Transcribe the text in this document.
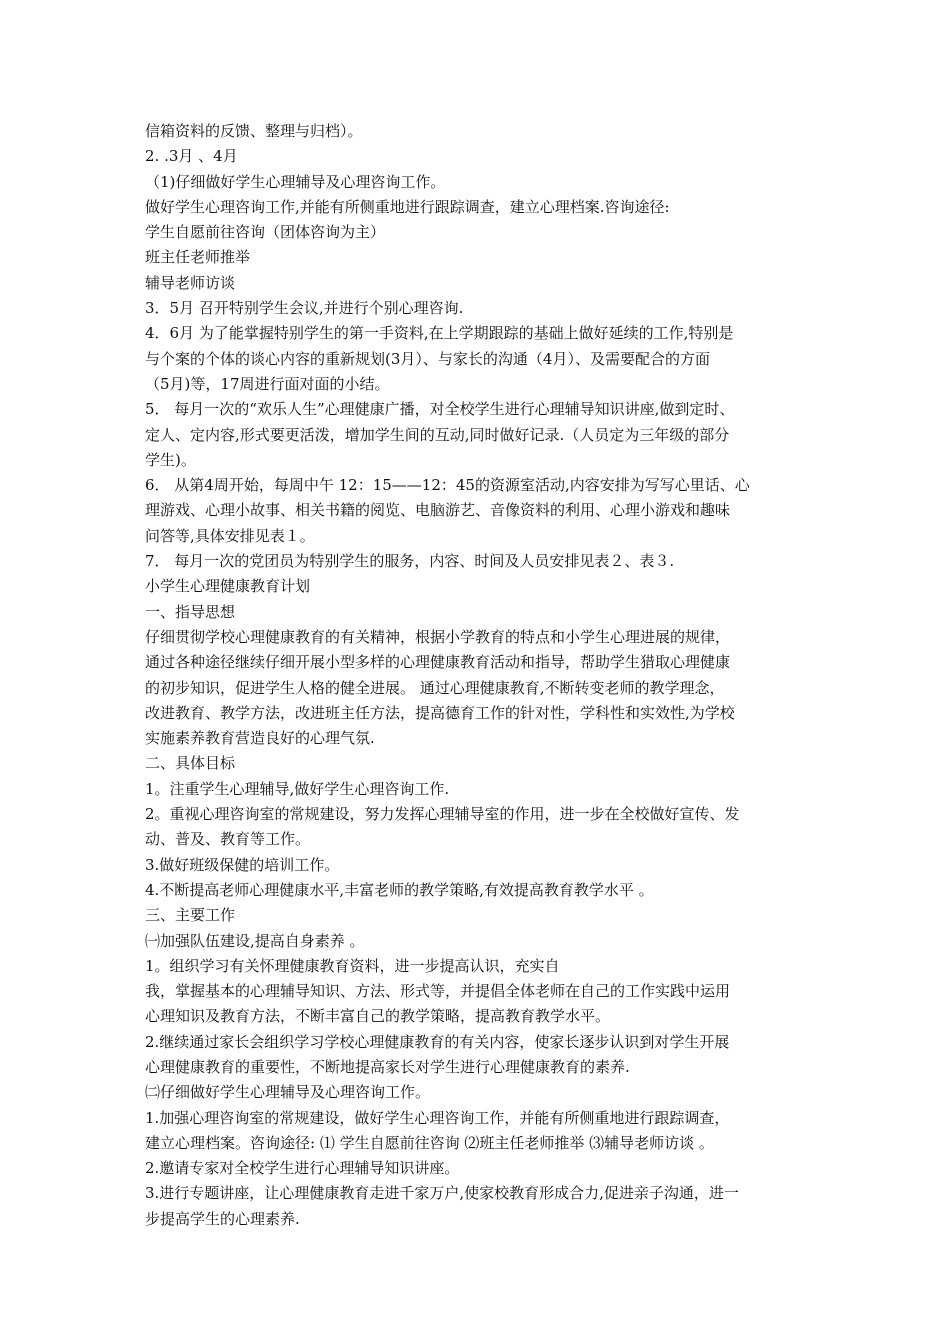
信箱资料的反馈、整理与归档）。
2. .3月 、4月
（1)仔细做好学生心理辅导及心理咨询工作。
做好学生心理咨询工作,并能有所侧重地进行跟踪调查，建立心理档案.咨询途径:
学生自愿前往咨询（团体咨询为主）
班主任老师推举
辅导老师访谈
3．5月 召开特别学生会议,并进行个别心理咨询.
4．6月 为了能掌握特别学生的第一手资料,在上学期跟踪的基础上做好延续的工作,特别是
与个案的个体的谈心内容的重新规划(3月）、与家长的沟通（4月）、及需要配合的方面
（5月)等，17周进行面对面的小结。
5． 每月一次的“欢乐人生”心理健康广播，对全校学生进行心理辅导知识讲座,做到定时、
定人、定内容,形式要更活泼，增加学生间的互动,同时做好记录.（人员定为三年级的部分
学生)。
6． 从第4周开始，每周中午 12：15——12：45的资源室活动,内容安排为写写心里话、心
理游戏、心理小故事、相关书籍的阅览、电脑游艺、音像资料的利用、心理小游戏和趣味
问答等,具体安排见表１。
7． 每月一次的党团员为特别学生的服务，内容、时间及人员安排见表２、表３.
小学生心理健康教育计划
一、指导思想
仔细贯彻学校心理健康教育的有关精神，根据小学教育的特点和小学生心理进展的规律，
通过各种途径继续仔细开展小型多样的心理健康教育活动和指导，帮助学生猎取心理健康
的初步知识，促进学生人格的健全进展。 通过心理健康教育,不断转变老师的教学理念，
改进教育、教学方法，改进班主任方法，提高德育工作的针对性，学科性和实效性,为学校
实施素养教育营造良好的心理气氛.
二、具体目标
1。注重学生心理辅导,做好学生心理咨询工作.
2。重视心理咨询室的常规建设，努力发挥心理辅导室的作用，进一步在全校做好宣传、发
动、普及、教育等工作。
3.做好班级保健的培训工作。
4.不断提高老师心理健康水平,丰富老师的教学策略,有效提高教育教学水平 。
三、主要工作
㈠加强队伍建设,提高自身素养 。
1。组织学习有关怀理健康教育资料，进一步提高认识，充实自
我，掌握基本的心理辅导知识、方法、形式等，并提倡全体老师在自己的工作实践中运用
心理知识及教育方法，不断丰富自己的教学策略，提高教育教学水平。
2.继续通过家长会组织学习学校心理健康教育的有关内容，使家长逐步认识到对学生开展
心理健康教育的重要性，不断地提高家长对学生进行心理健康教育的素养.
㈡仔细做好学生心理辅导及心理咨询工作。
1.加强心理咨询室的常规建设，做好学生心理咨询工作，并能有所侧重地进行跟踪调查，
建立心理档案。咨询途径: ⑴ 学生自愿前往咨询 ⑵班主任老师推举 ⑶辅导老师访谈 。
2.邀请专家对全校学生进行心理辅导知识讲座。
3.进行专题讲座，让心理健康教育走进千家万户,使家校教育形成合力,促进亲子沟通，进一
步提高学生的心理素养.
